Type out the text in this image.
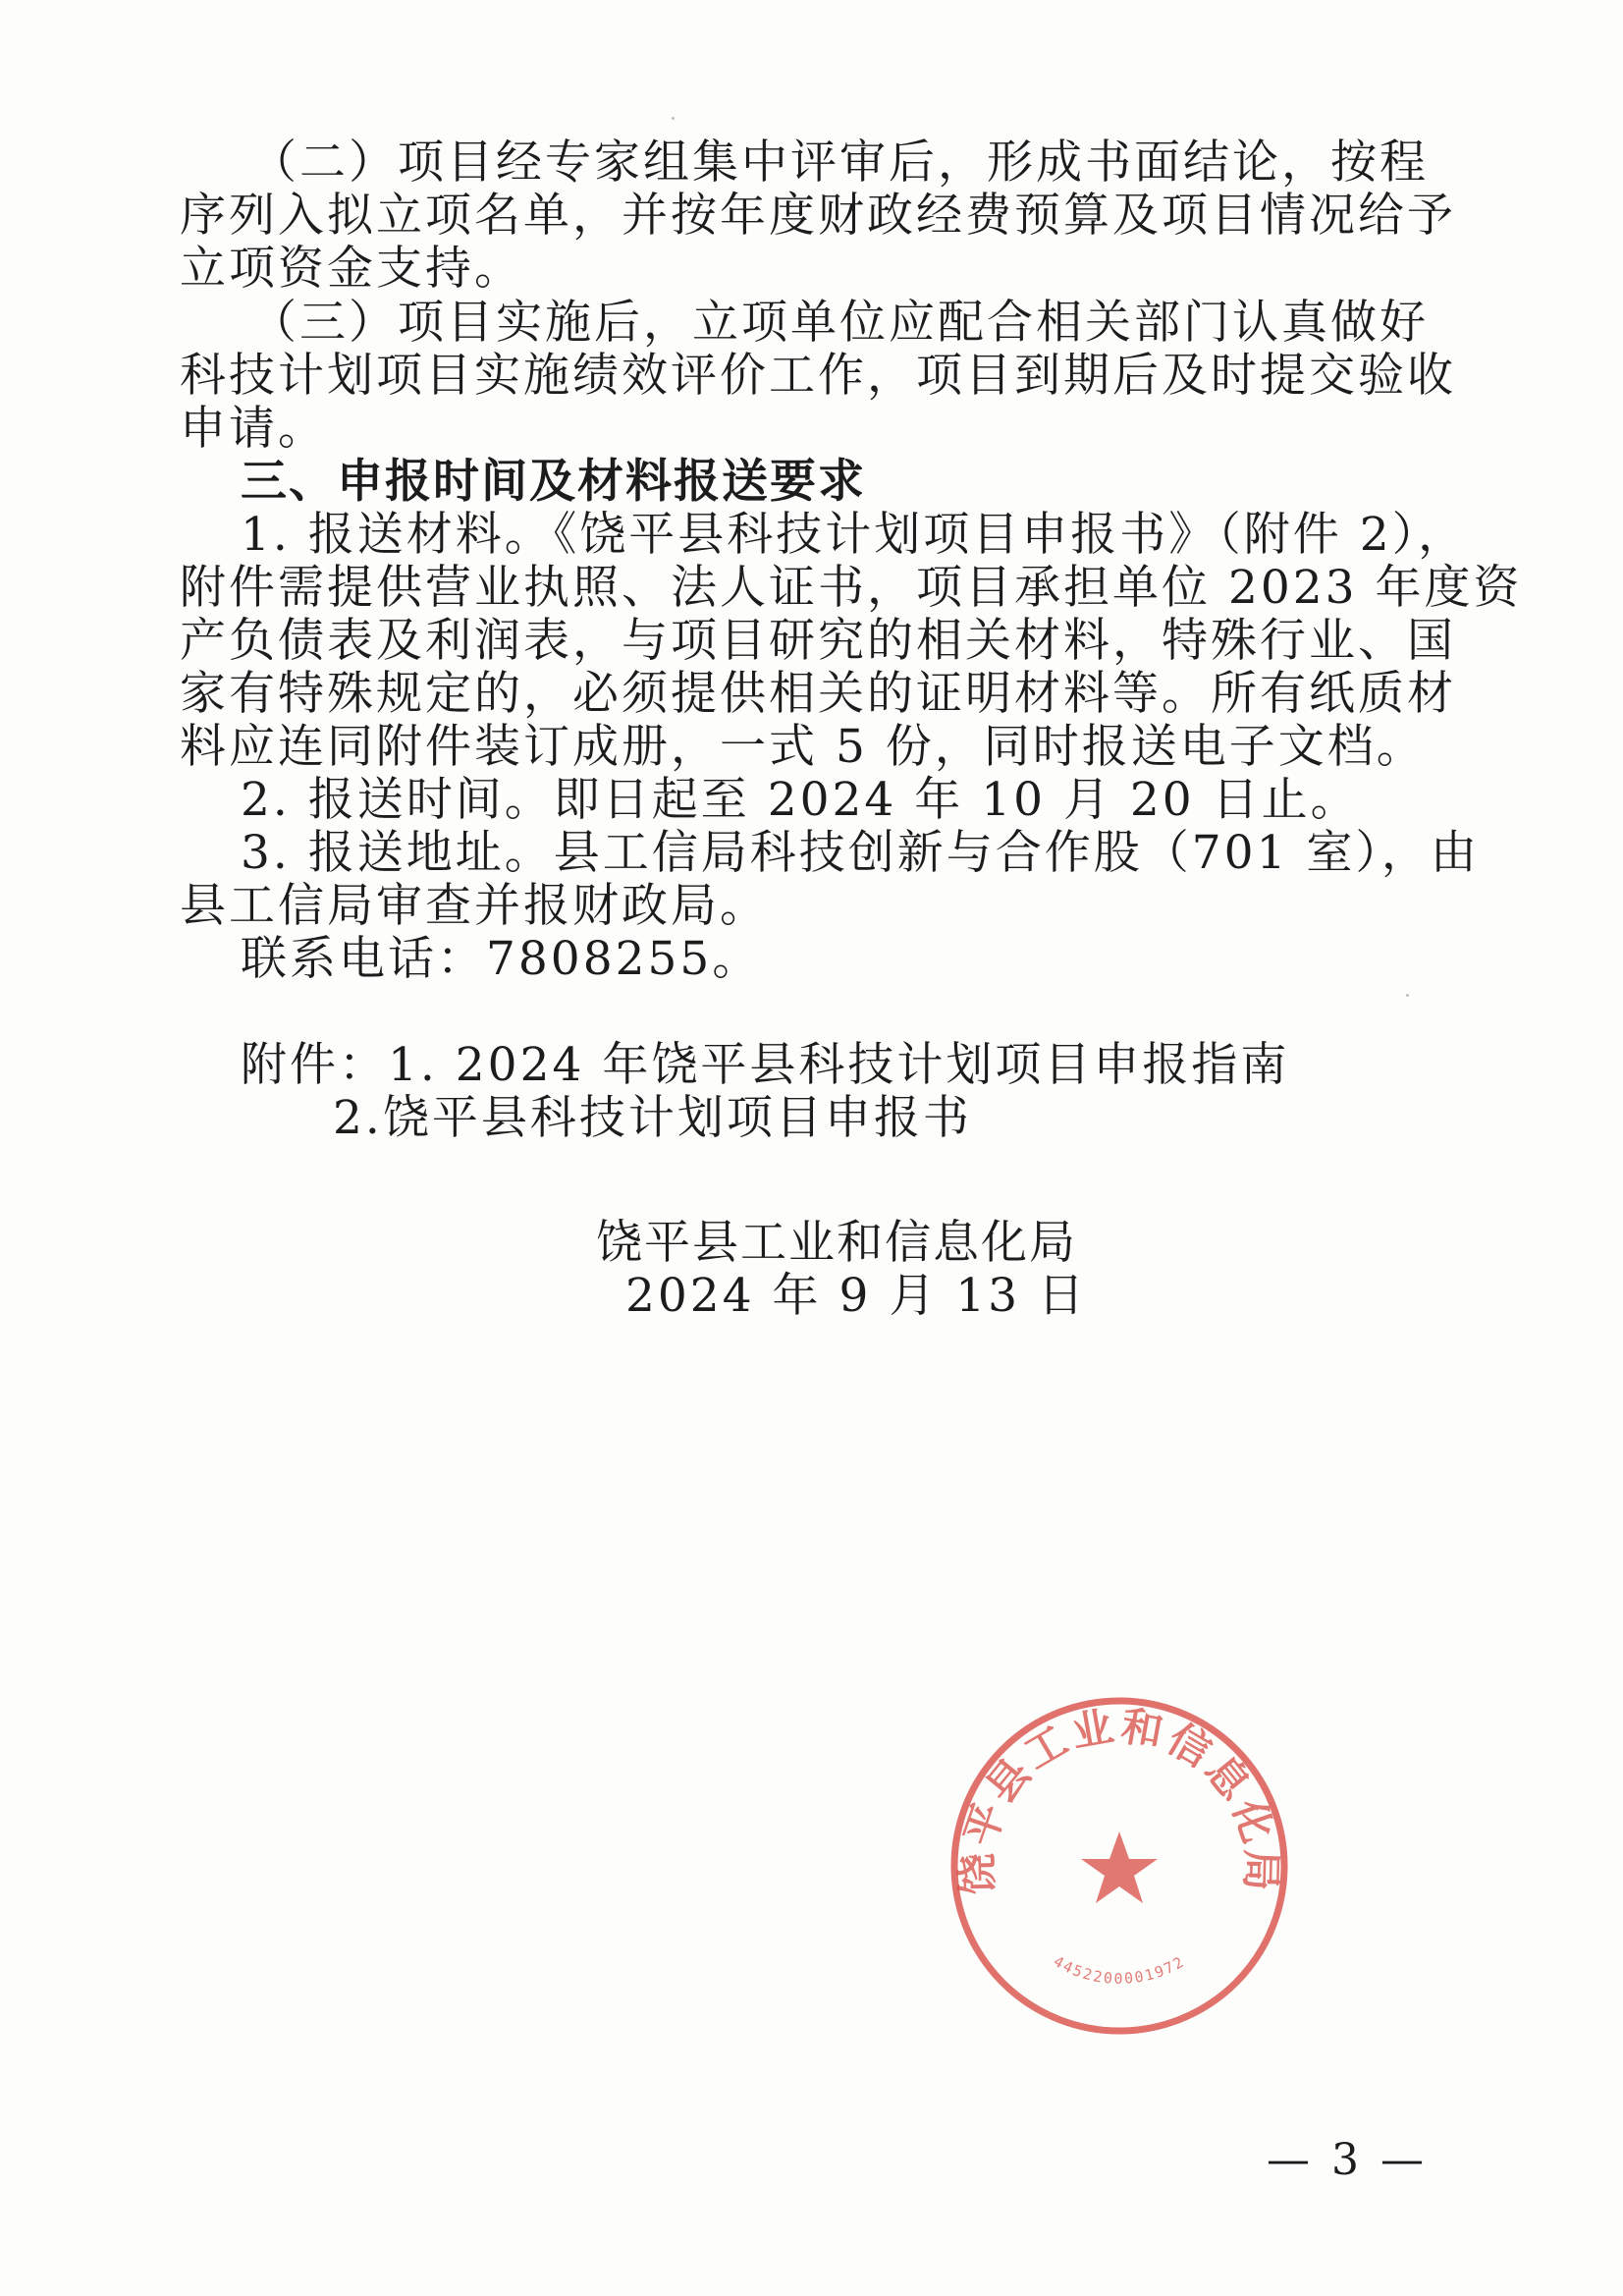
（二）项目经专家组集中评审后，形成书面结论，按程
序列入拟立项名单，并按年度财政经费预算及项目情况给予
立项资金支持。
（三）项目实施后，立项单位应配合相关部门认真做好
科技计划项目实施绩效评价工作，项目到期后及时提交验收
申请。
三、申报时间及材料报送要求
1. 报送材料。《饶平县科技计划项目申报书》（附件 2），
附件需提供营业执照、法人证书，项目承担单位 2023 年度资
产负债表及利润表，与项目研究的相关材料，特殊行业、国
家有特殊规定的，必须提供相关的证明材料等。所有纸质材
料应连同附件装订成册，一式 5 份，同时报送电子文档。
2. 报送时间。即日起至 2024 年 10 月 20 日止。
3. 报送地址。县工信局科技创新与合作股（701 室），由
县工信局审查并报财政局。
联系电话：7808255。
附件：1. 2024 年饶平县科技计划项目申报指南
2.饶平县科技计划项目申报书
饶平县工业和信息化局
4452200001972
饶平县工业和信息化局
2024 年 9 月 13 日
— 3 —
